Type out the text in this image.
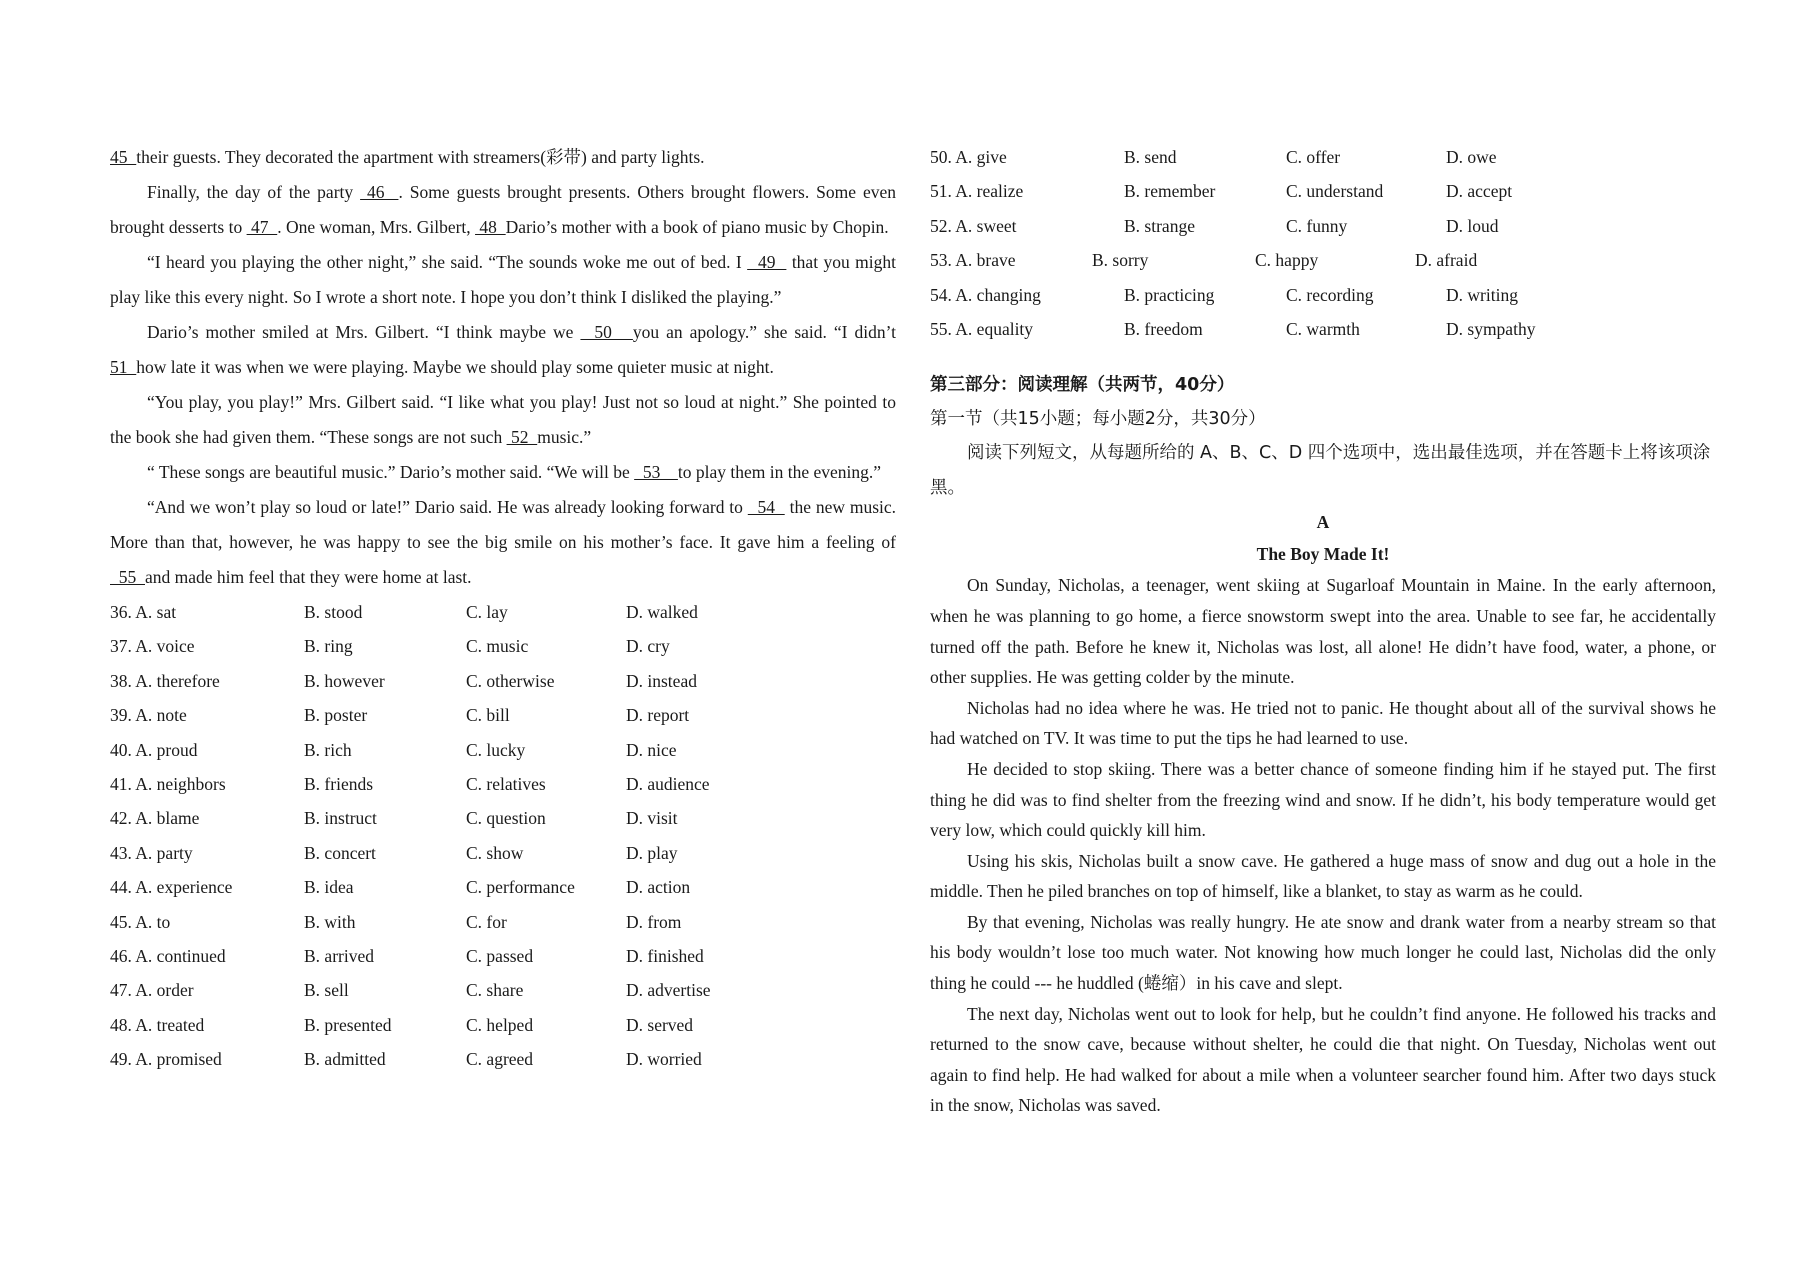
45  their guests. They decorated the apartment with streamers(彩带) and party lights.

Finally, the day of the party  46  . Some guests brought presents. Others brought flowers. Some even brought desserts to  47  . One woman, Mrs. Gilbert,  48  Dario’s mother with a book of piano music by Chopin.

“I heard you playing the other night,” she said. “The sounds woke me out of bed. I   49   that you might play like this every night. So I wrote a short note. I hope you don’t think I disliked the playing.”

Dario’s mother smiled at Mrs. Gilbert. “I think maybe we   50   you an apology.” she said. “I didn’t 51  how late it was when we were playing. Maybe we should play some quieter music at night.

“You play, you play!” Mrs. Gilbert said. “I like what you play! Just not so loud at night.” She pointed to the book she had given them. “These songs are not such  52  music.”

“ These songs are beautiful music.” Dario’s mother said. “We will be   53    to play them in the evening.”

“And we won’t play so loud or late!” Dario said. He was already looking forward to   54   the new music. More than that, however, he was happy to see the big smile on his mother’s face. It gave him a feeling of   55  and made him feel that they were home at last.

36. A. sat	B. stood	C. lay	D. walked
37. A. voice	B. ring	C. music	D. cry
38. A. therefore	B. however	C. otherwise	D. instead
39. A. note	B. poster	C. bill	D. report
40. A. proud	B. rich	C. lucky	D. nice
41. A. neighbors	B. friends	C. relatives	D. audience
42. A. blame	B. instruct	C. question	D. visit
43. A. party	B. concert	C. show	D. play
44. A. experience	B. idea	C. performance	D. action
45. A. to	B. with	C. for	D. from
46. A. continued	B. arrived	C. passed	D. finished
47. A. order	B. sell	C. share	D. advertise
48. A. treated	B. presented	C. helped	D. served
49. A. promised	B. admitted	C. agreed	D. worried
50. A. give	B. send	C. offer	D. owe
51. A. realize	B. remember	C. understand	D. accept
52. A. sweet	B. strange	C. funny	D. loud
53. A. brave	B. sorry	C. happy	D. afraid
54. A. changing	B. practicing	C. recording	D. writing
55. A. equality	B. freedom	C. warmth	D. sympathy

第三部分：阅读理解（共两节，40分）

第一节（共15小题；每小题2分，共30分）

阅读下列短文，从每题所给的 A、B、C、D 四个选项中，选出最佳选项，并在答题卡上将该项涂黑。

A

The Boy Made It!

On Sunday, Nicholas, a teenager, went skiing at Sugarloaf Mountain in Maine. In the early afternoon, when he was planning to go home, a fierce snowstorm swept into the area. Unable to see far, he accidentally turned off the path. Before he knew it, Nicholas was lost, all alone! He didn’t have food, water, a phone, or other supplies. He was getting colder by the minute.

Nicholas had no idea where he was. He tried not to panic. He thought about all of the survival shows he had watched on TV. It was time to put the tips he had learned to use.

He decided to stop skiing. There was a better chance of someone finding him if he stayed put. The first thing he did was to find shelter from the freezing wind and snow. If he didn’t, his body temperature would get very low, which could quickly kill him.

Using his skis, Nicholas built a snow cave. He gathered a huge mass of snow and dug out a hole in the middle. Then he piled branches on top of himself, like a blanket, to stay as warm as he could.

By that evening, Nicholas was really hungry. He ate snow and drank water from a nearby stream so that his body wouldn’t lose too much water. Not knowing how much longer he could last, Nicholas did the only thing he could --- he huddled (蜷缩）in his cave and slept.

The next day, Nicholas went out to look for help, but he couldn’t find anyone. He followed his tracks and returned to the snow cave, because without shelter, he could die that night. On Tuesday, Nicholas went out again to find help. He had walked for about a mile when a volunteer searcher found him. After two days stuck in the snow, Nicholas was saved.
